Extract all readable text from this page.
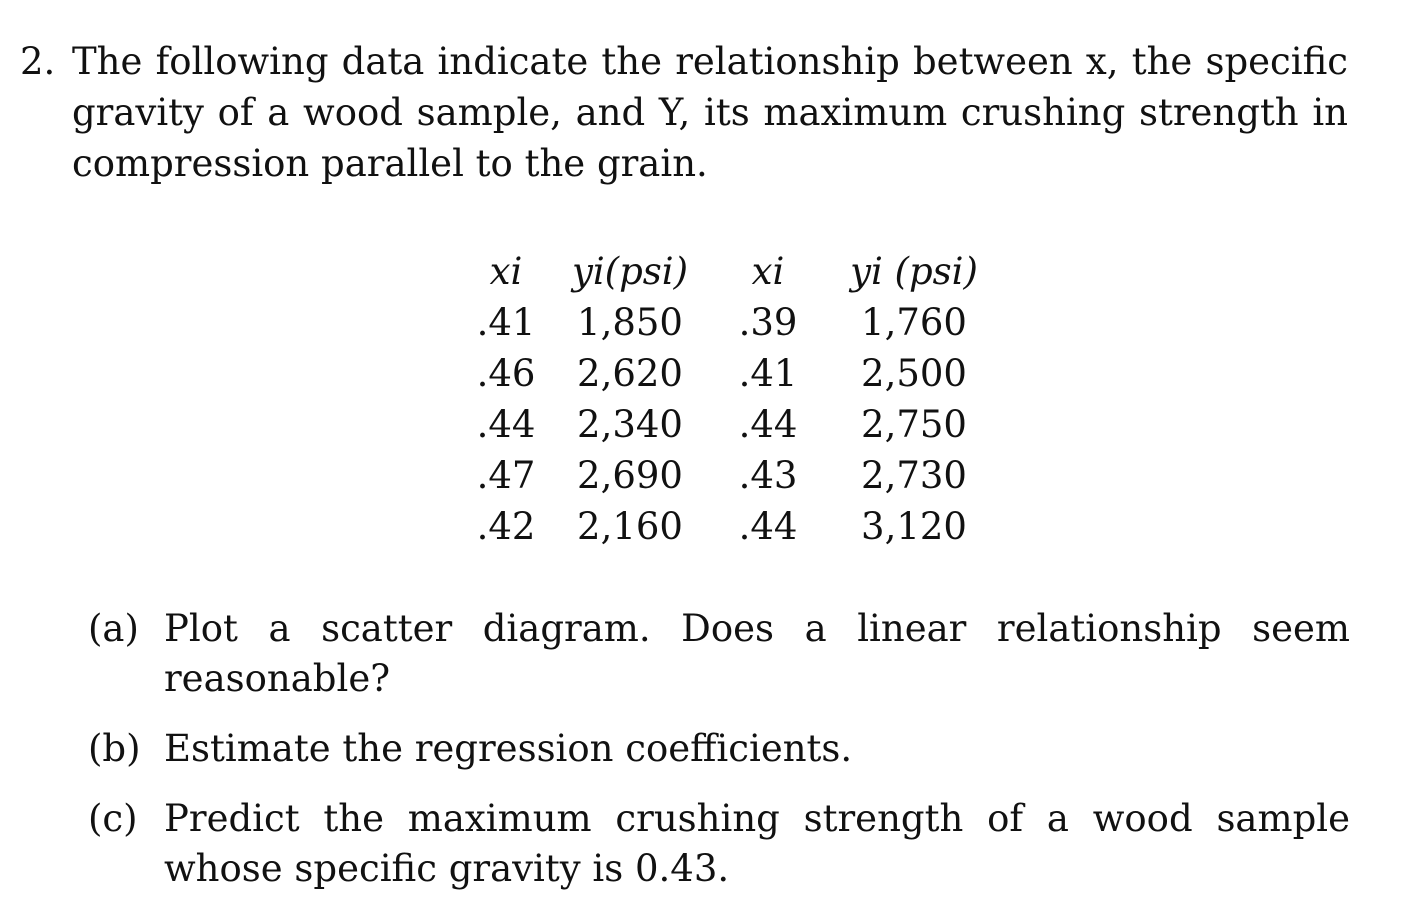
2. The following data indicate the relationship between x, the specific gravity of a wood sample, and Y, its maximum crushing strength in compression parallel to the grain.
xi	yi(psi)	xi	yi (psi)
.41	1,850	.39	1,760
.46	2,620	.41	2,500
.44	2,340	.44	2,750
.47	2,690	.43	2,730
.42	2,160	.44	3,120
(a) Plot a scatter diagram. Does a linear relationship seem reasonable?
(b) Estimate the regression coefficients.
(c) Predict the maximum crushing strength of a wood sample whose specific gravity is 0.43.
